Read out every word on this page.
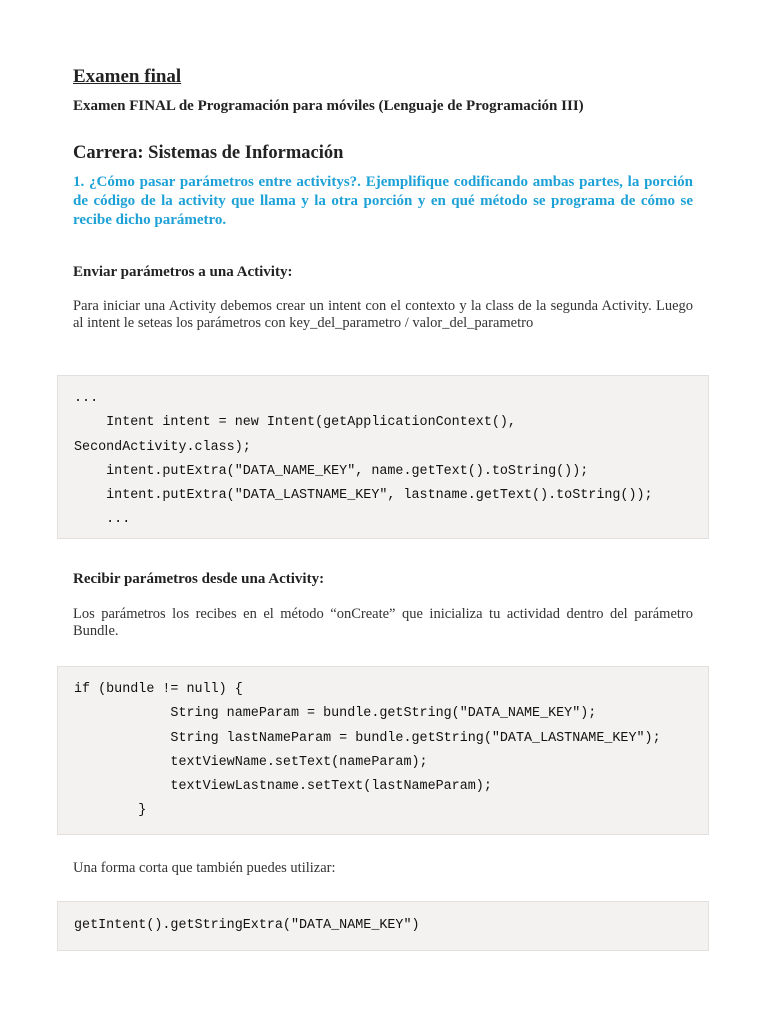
Examen final

Examen FINAL de Programación para móviles (Lenguaje de Programación III)

Carrera: Sistemas de Información

1. ¿Cómo pasar parámetros entre activitys?. Ejemplifique codificando ambas partes, la porción de código de la activity que llama y la otra porción y en qué método se programa de cómo se recibe dicho parámetro.

Enviar parámetros a una Activity:

Para iniciar una Activity debemos crear un intent con el contexto y la class de la segunda Activity. Luego al intent le seteas los parámetros con key_del_parametro / valor_del_parametro

...
Intent intent = new Intent(getApplicationContext(),
SecondActivity.class);
intent.putExtra("DATA_NAME_KEY", name.getText().toString());
intent.putExtra("DATA_LASTNAME_KEY", lastname.getText().toString());
...
Recibir parámetros desde una Activity:

Los parámetros los recibes en el método “onCreate” que inicializa tu actividad dentro del parámetro Bundle.

if (bundle != null) {
String nameParam = bundle.getString("DATA_NAME_KEY");
String lastNameParam = bundle.getString("DATA_LASTNAME_KEY");
textViewName.setText(nameParam);
textViewLastname.setText(lastNameParam);
}

Una forma corta que también puedes utilizar:

getIntent().getStringExtra("DATA_NAME_KEY")
